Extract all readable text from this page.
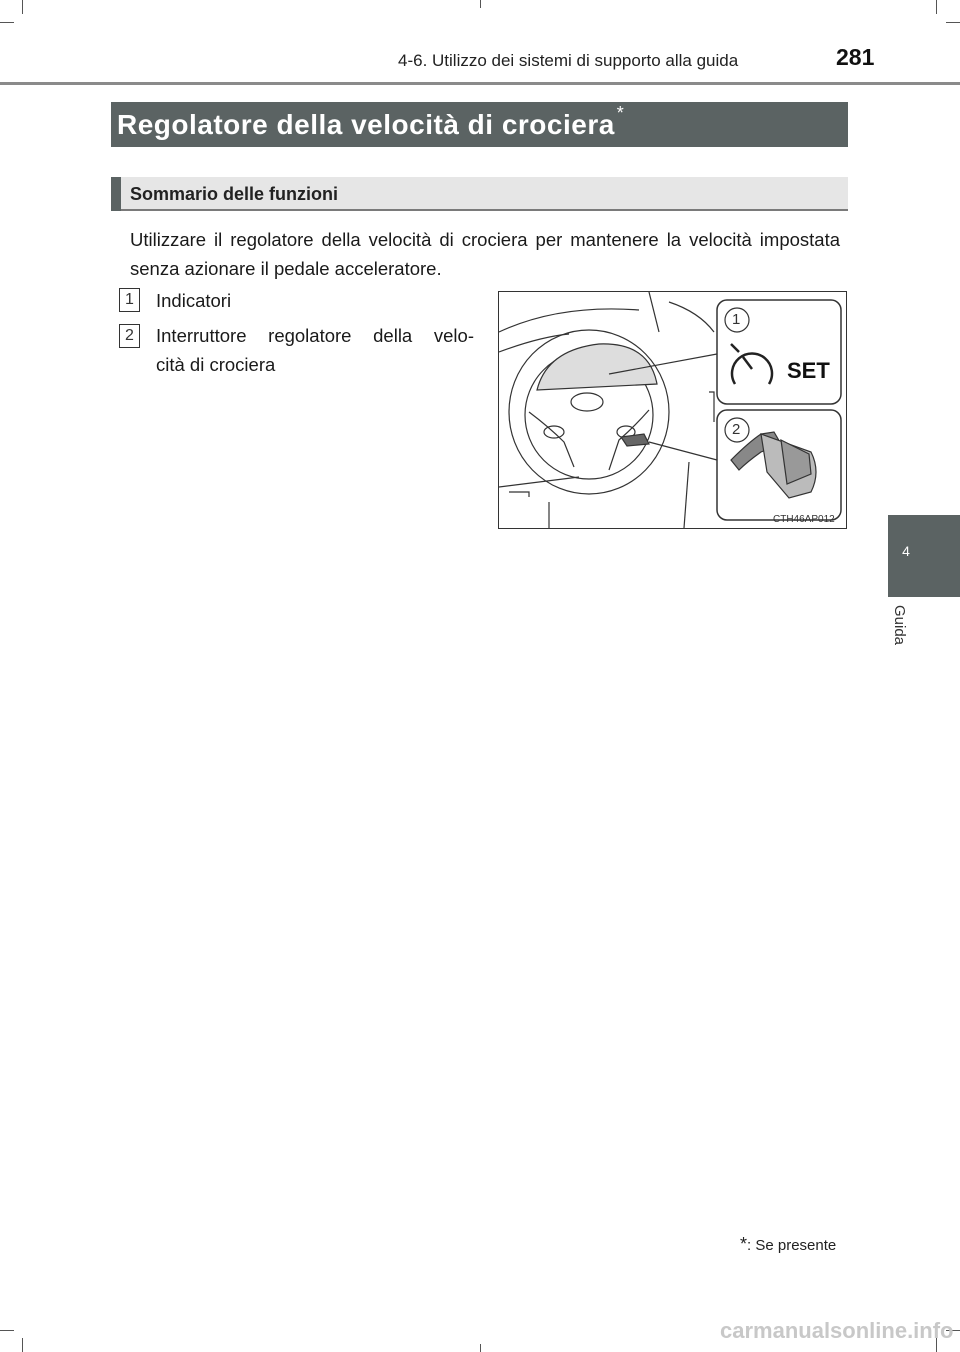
4-6. Utilizzo dei sistemi di supporto alla guida	281
Regolatore della velocità di crociera *
Sommario delle funzioni
Utilizzare il regolatore della velocità di crociera per mantenere la velocità impostata senza azionare il pedale acceleratore.
1	Indicatori
2	Interruttore regolatore della velo-
cità di crociera
1
2
SET
CTH46AP012
4
Guida
*: Se presente
carmanualsonline.info
